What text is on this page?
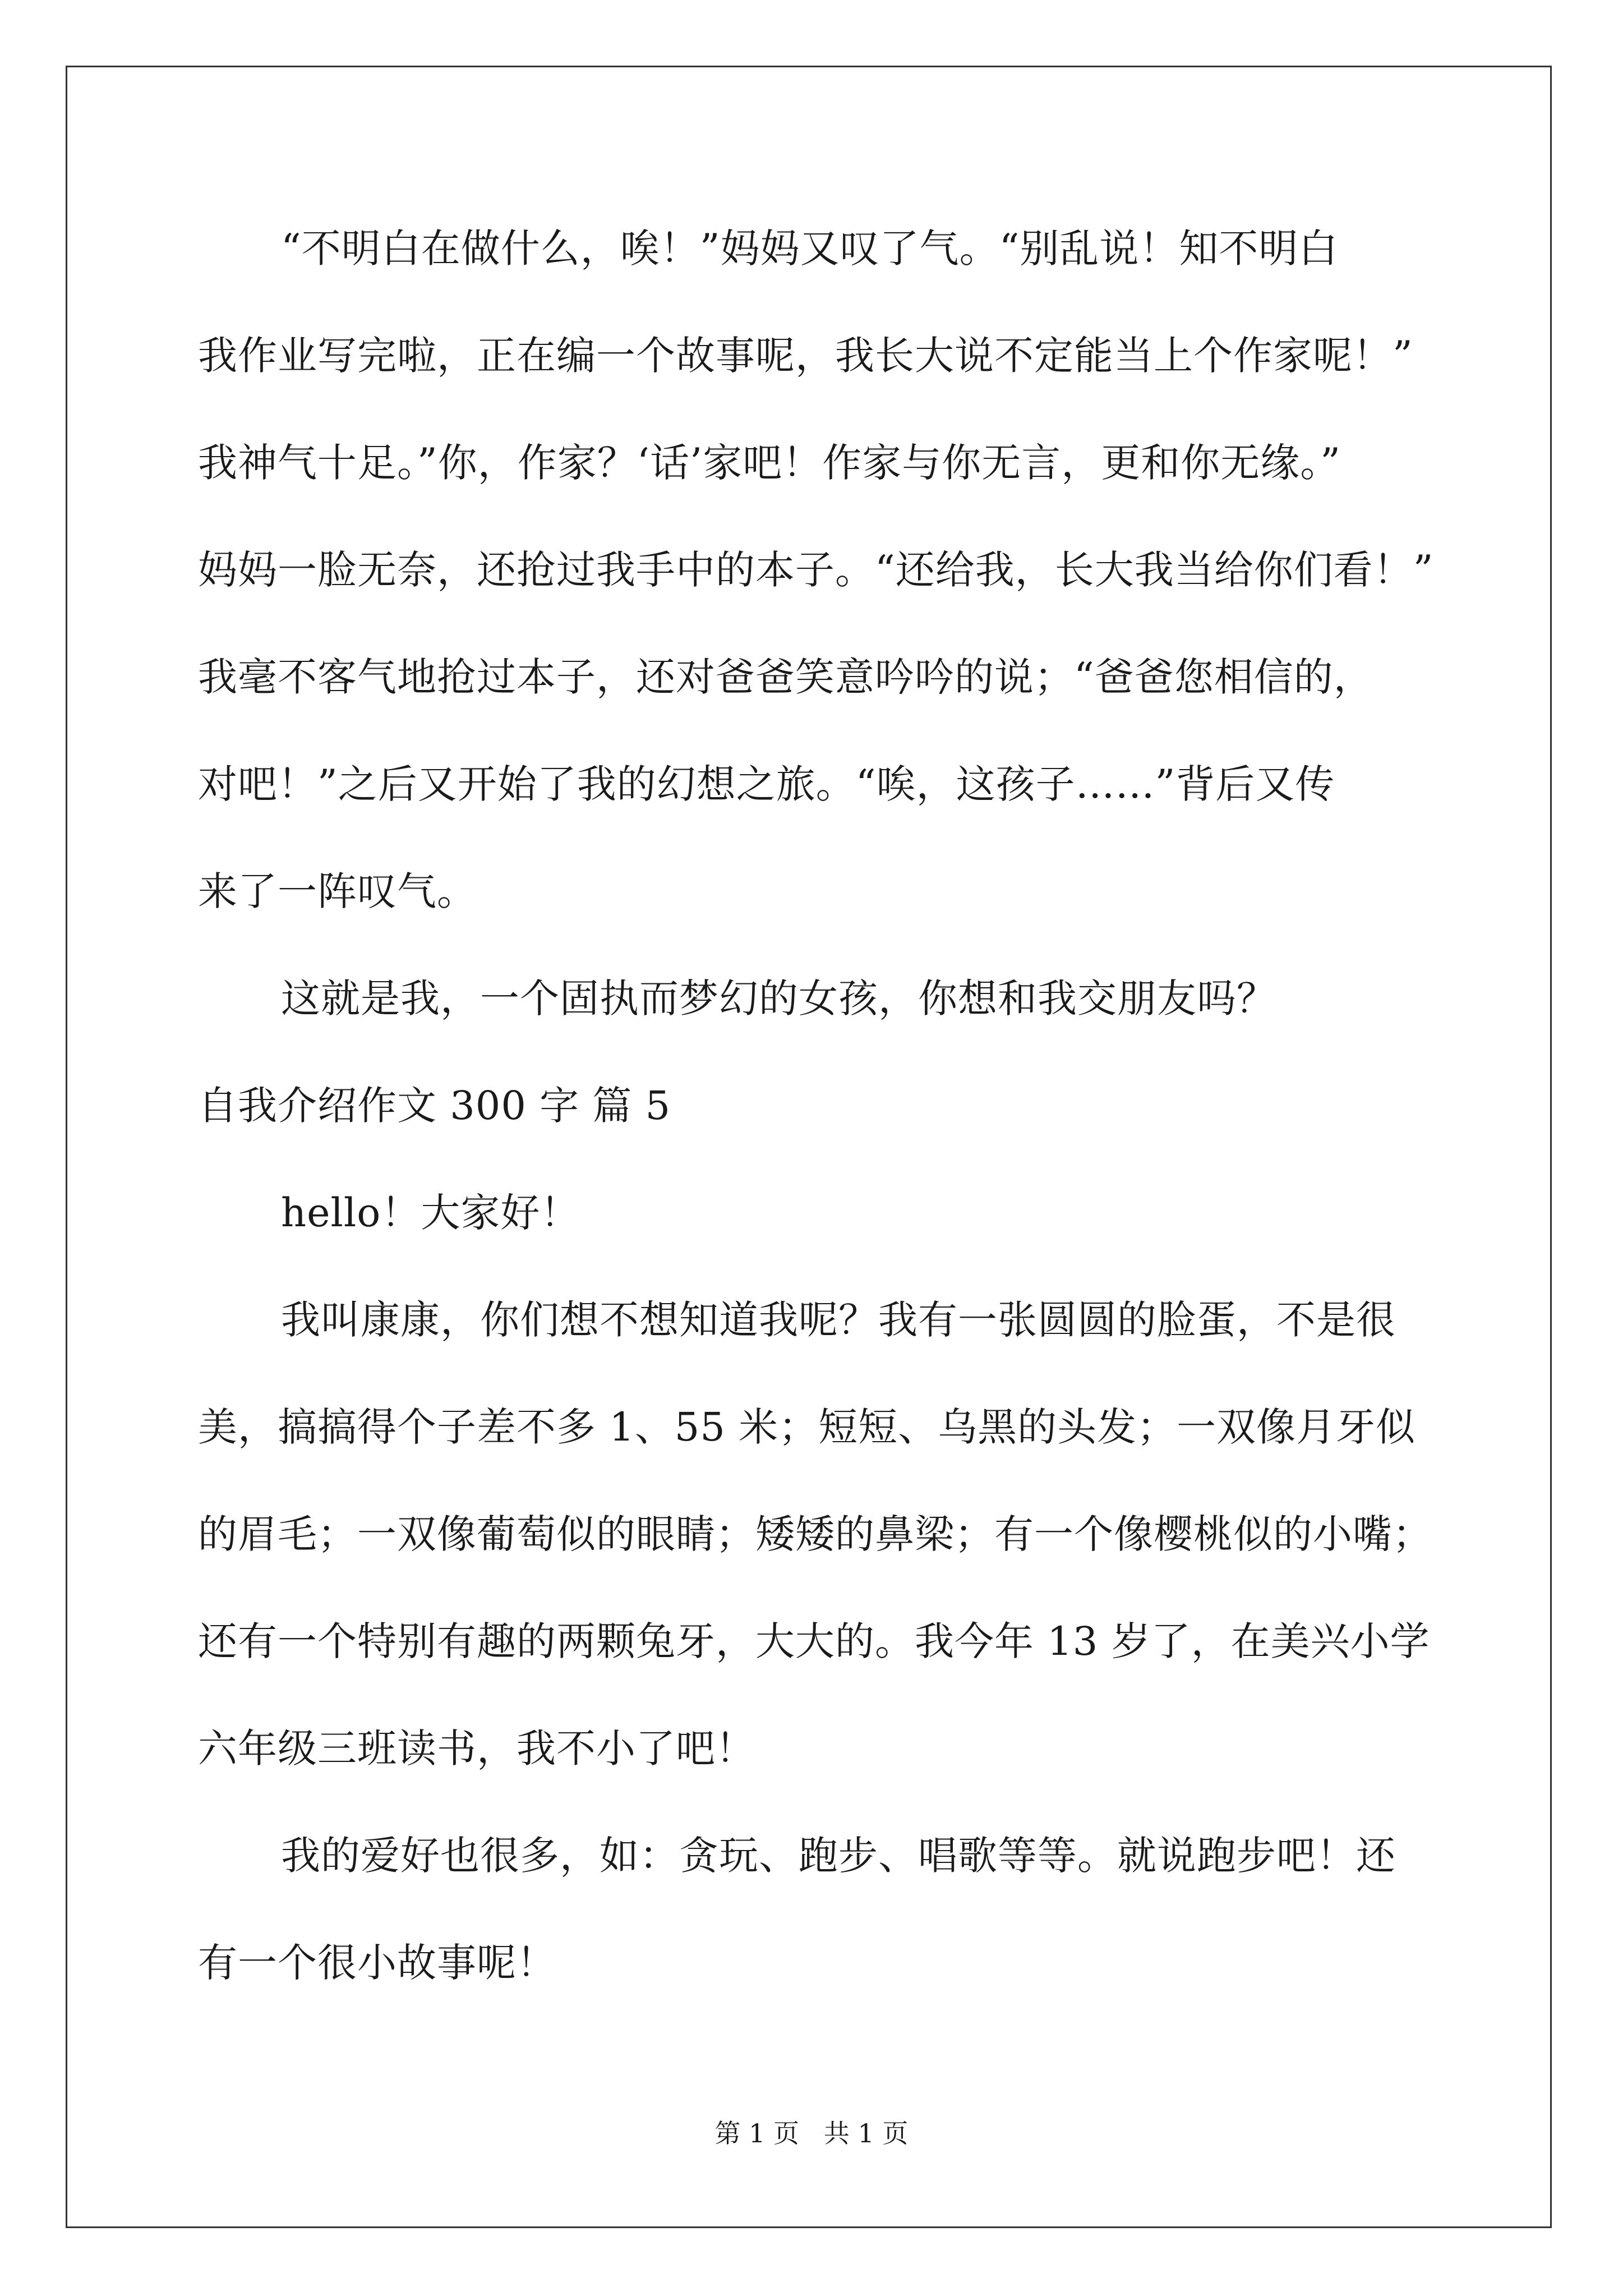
“不明白在做什么，唉！”妈妈又叹了气。“别乱说！知不明白
我作业写完啦，正在编一个故事呢，我长大说不定能当上个作家呢！”
我神气十足。”你，作家？‘话’家吧！作家与你无言，更和你无缘。”
妈妈一脸无奈，还抢过我手中的本子。“还给我，长大我当给你们看！”
我毫不客气地抢过本子，还对爸爸笑意吟吟的说；“爸爸您相信的，
对吧！”之后又开始了我的幻想之旅。“唉，这孩子……”背后又传
来了一阵叹气。
这就是我，一个固执而梦幻的女孩，你想和我交朋友吗？
自我介绍作文 300 字 篇 5
hello！大家好！
我叫康康，你们想不想知道我呢？我有一张圆圆的脸蛋，不是很
美，搞搞得个子差不多 1、55 米；短短、乌黑的头发；一双像月牙似
的眉毛；一双像葡萄似的眼睛；矮矮的鼻梁；有一个像樱桃似的小嘴；
还有一个特别有趣的两颗兔牙，大大的。我今年 13 岁了，在美兴小学
六年级三班读书，我不小了吧！
我的爱好也很多，如：贪玩、跑步、唱歌等等。就说跑步吧！还
有一个很小故事呢！
第 1 页   共 1 页
